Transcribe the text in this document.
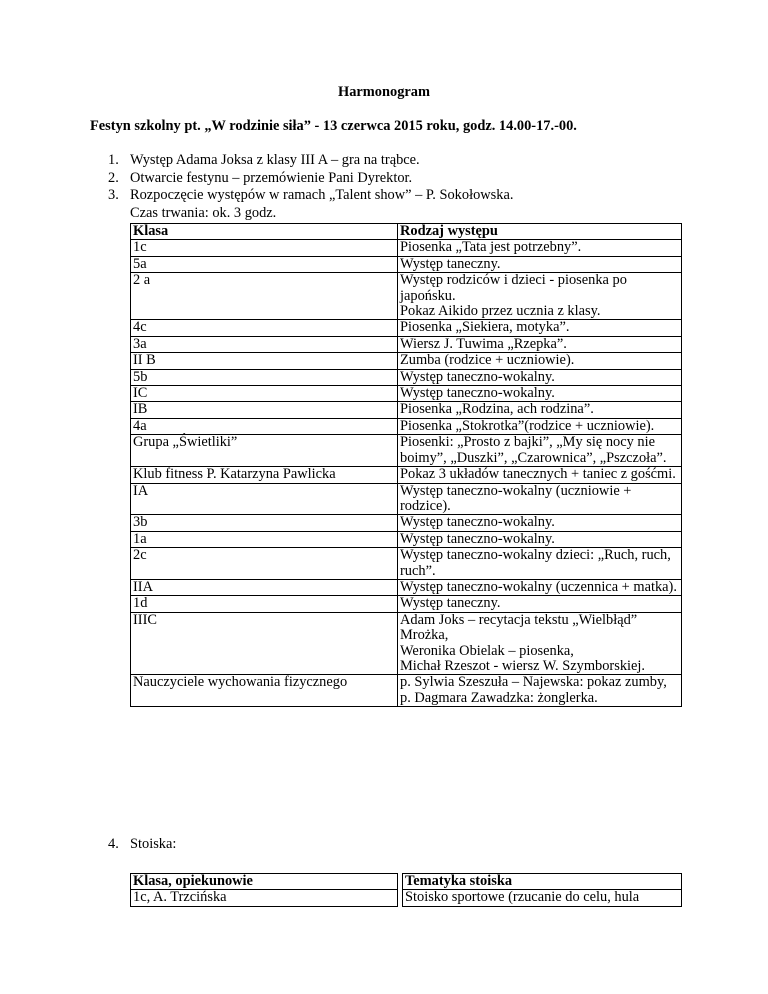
Harmonogram
Festyn szkolny pt. „W rodzinie siła” - 13 czerwca 2015 roku, godz. 14.00-17.-00.
1. Występ Adama Joksa z klasy III A – gra na trąbce.
2. Otwarcie festynu – przemówienie Pani Dyrektor.
3. Rozpoczęcie występów w ramach „Talent show” – P. Sokołowska.
Czas trwania: ok. 3 godz.
Klasa	Rodzaj występu
1c	Piosenka „Tata jest potrzebny”.
5a	Występ taneczny.
2 a	Występ rodziców i dzieci - piosenka po japońsku.
Pokaz Aikido przez ucznia z klasy.
4c	Piosenka „Siekiera, motyka”.
3a	Wiersz J. Tuwima „Rzepka”.
II B	Zumba (rodzice + uczniowie).
5b	Występ taneczno-wokalny.
IC	Występ taneczno-wokalny.
IB	Piosenka „Rodzina, ach rodzina”.
4a	Piosenka „Stokrotka”(rodzice + uczniowie).
Grupa „Świetliki”	Piosenki: „Prosto z bajki”, „My się nocy nie boimy”, „Duszki”, „Czarownica”, „Pszczoła”.
Klub fitness P. Katarzyna Pawlicka	Pokaz 3 układów tanecznych + taniec z gośćmi.
IA	Występ taneczno-wokalny (uczniowie + rodzice).
3b	Występ taneczno-wokalny.
1a	Występ taneczno-wokalny.
2c	Występ taneczno-wokalny dzieci: „Ruch, ruch, ruch”.
IIA	Występ taneczno-wokalny (uczennica + matka).
1d	Występ taneczny.
IIIC	Adam Joks – recytacja tekstu „Wielbłąd” Mrożka,
Weronika Obielak – piosenka,
Michał Rzeszot - wiersz W. Szymborskiej.
Nauczyciele wychowania fizycznego	p. Sylwia Szeszuła – Najewska: pokaz zumby,
p. Dagmara Zawadzka: żonglerka.
4. Stoiska:
Klasa, opiekunowie		Tematyka stoiska
1c, A. Trzcińska		Stoisko sportowe (rzucanie do celu, hula
